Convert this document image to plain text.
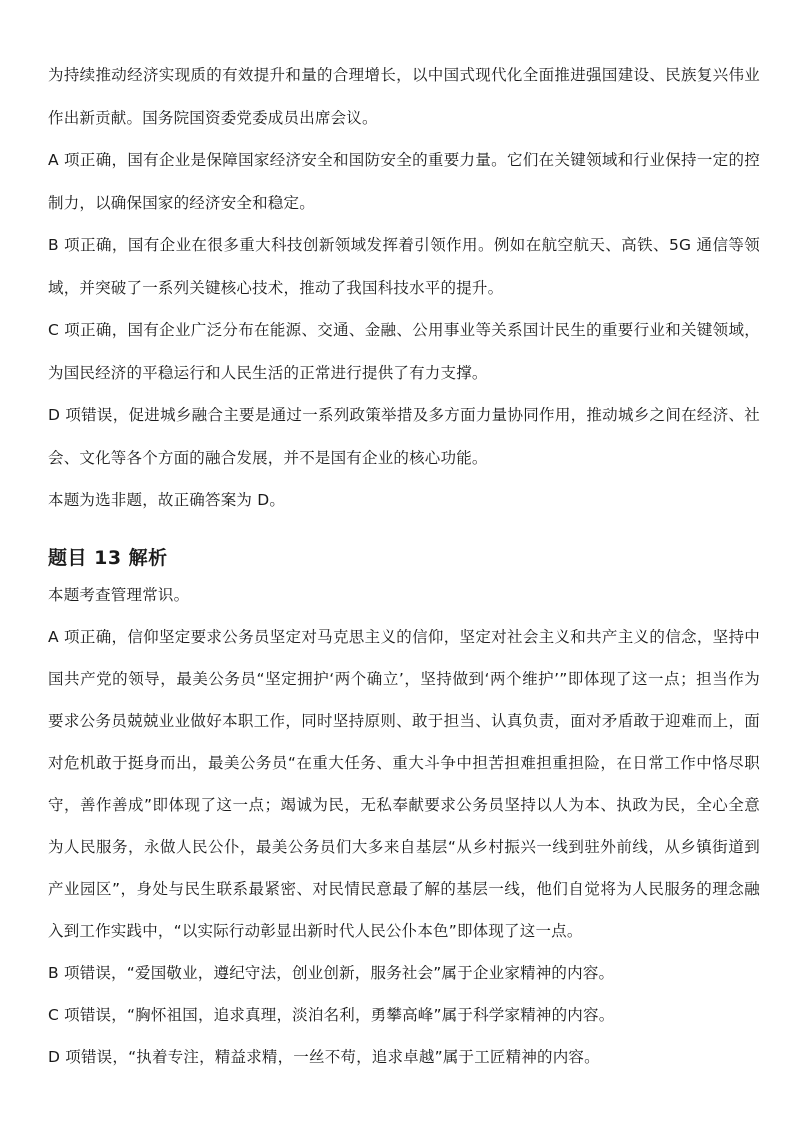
为持续推动经济实现质的有效提升和量的合理增长，以中国式现代化全面推进强国建设、民族复兴伟业作出新贡献。国务院国资委党委成员出席会议。

A 项正确，国有企业是保障国家经济安全和国防安全的重要力量。它们在关键领域和行业保持一定的控制力，以确保国家的经济安全和稳定。

B 项正确，国有企业在很多重大科技创新领域发挥着引领作用。例如在航空航天、高铁、5G 通信等领域，并突破了一系列关键核心技术，推动了我国科技水平的提升。

C 项正确，国有企业广泛分布在能源、交通、金融、公用事业等关系国计民生的重要行业和关键领域，为国民经济的平稳运行和人民生活的正常进行提供了有力支撑。

D 项错误，促进城乡融合主要是通过一系列政策举措及多方面力量协同作用，推动城乡之间在经济、社会、文化等各个方面的融合发展，并不是国有企业的核心功能。

本题为选非题，故正确答案为 D。

题目 13 解析

本题考查管理常识。

A 项正确，信仰坚定要求公务员坚定对马克思主义的信仰，坚定对社会主义和共产主义的信念，坚持中国共产党的领导，最美公务员“坚定拥护‘两个确立’，坚持做到‘两个维护’”即体现了这一点；担当作为要求公务员兢兢业业做好本职工作，同时坚持原则、敢于担当、认真负责，面对矛盾敢于迎难而上，面对危机敢于挺身而出，最美公务员“在重大任务、重大斗争中担苦担难担重担险，在日常工作中恪尽职守，善作善成”即体现了这一点；竭诚为民，无私奉献要求公务员坚持以人为本、执政为民，全心全意为人民服务，永做人民公仆，最美公务员们大多来自基层“从乡村振兴一线到驻外前线，从乡镇街道到产业园区”，身处与民生联系最紧密、对民情民意最了解的基层一线，他们自觉将为人民服务的理念融入到工作实践中，“以实际行动彰显出新时代人民公仆本色”即体现了这一点。

B 项错误，“爱国敬业，遵纪守法，创业创新，服务社会”属于企业家精神的内容。

C 项错误，“胸怀祖国，追求真理，淡泊名利，勇攀高峰”属于科学家精神的内容。

D 项错误，“执着专注，精益求精，一丝不苟，追求卓越”属于工匠精神的内容。
